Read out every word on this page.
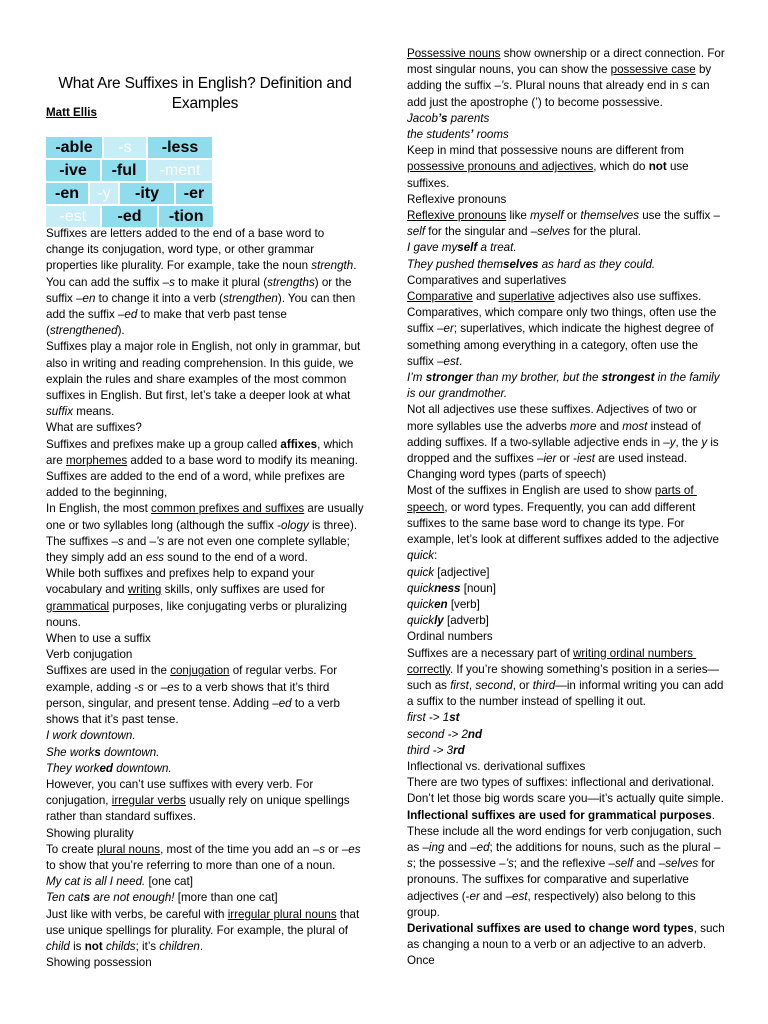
What Are Suffixes in English? Definition and Examples
Matt Ellis
-able	-s	-less
-ive	-ful	-ment
-en	-y	-ity	-er
-est	-ed	-tion

Suffixes are letters added to the end of a base word to change its conjugation, word type, or other grammar properties like plurality. For example, take the noun strength. You can add the suffix –s to make it plural (strengths) or the suffix –en to change it into a verb (strengthen). You can then add the suffix –ed to make that verb past tense (strengthened).

Suffixes play a major role in English, not only in grammar, but also in writing and reading comprehension. In this guide, we explain the rules and share examples of the most common suffixes in English. But first, let’s take a deeper look at what suffix means.

What are suffixes?

Suffixes and prefixes make up a group called affixes, which are morphemes added to a base word to modify its meaning. Suffixes are added to the end of a word, while prefixes are added to the beginning,

In English, the most common prefixes and suffixes are usually one or two syllables long (although the suffix -ology is three). The suffixes –s and –’s are not even one complete syllable; they simply add an ess sound to the end of a word.

While both suffixes and prefixes help to expand your vocabulary and writing skills, only suffixes are used for grammatical purposes, like conjugating verbs or pluralizing nouns.

When to use a suffix

Verb conjugation

Suffixes are used in the conjugation of regular verbs. For example, adding -s or –es to a verb shows that it’s third person, singular, and present tense. Adding –ed to a verb shows that it’s past tense.

I work downtown.

She works downtown.

They worked downtown.

However, you can’t use suffixes with every verb. For conjugation, irregular verbs usually rely on unique spellings rather than standard suffixes.

Showing plurality

To create plural nouns, most of the time you add an –s or –es to show that you’re referring to more than one of a noun.

My cat is all I need. [one cat]

Ten cats are not enough! [more than one cat]

Just like with verbs, be careful with irregular plural nouns that use unique spellings for plurality. For example, the plural of child is not childs; it’s children.

Showing possession

Possessive nouns show ownership or a direct connection. For most singular nouns, you can show the possessive case by adding the suffix –’s. Plural nouns that already end in s can add just the apostrophe (’) to become possessive.

Jacob’s parents

the students’ rooms

Keep in mind that possessive nouns are different from possessive pronouns and adjectives, which do not use suffixes.

Reflexive pronouns

Reflexive pronouns like myself or themselves use the suffix –self for the singular and –selves for the plural.

I gave myself a treat.

They pushed themselves as hard as they could.

Comparatives and superlatives

Comparative and superlative adjectives also use suffixes. Comparatives, which compare only two things, often use the suffix –er; superlatives, which indicate the highest degree of something among everything in a category, often use the suffix –est.

I’m stronger than my brother, but the strongest in the family is our grandmother.

Not all adjectives use these suffixes. Adjectives of two or more syllables use the adverbs more and most instead of adding suffixes. If a two-syllable adjective ends in –y, the y is dropped and the suffixes –ier or -iest are used instead.

Changing word types (parts of speech)

Most of the suffixes in English are used to show parts of speech, or word types. Frequently, you can add different suffixes to the same base word to change its type. For example, let’s look at different suffixes added to the adjective quick:

quick [adjective]

quickness [noun]

quicken [verb]

quickly [adverb]

Ordinal numbers

Suffixes are a necessary part of writing ordinal numbers correctly. If you’re showing something’s position in a series—such as first, second, or third—in informal writing you can add a suffix to the number instead of spelling it out.

first -> 1st

second -> 2nd

third -> 3rd

Inflectional vs. derivational suffixes

There are two types of suffixes: inflectional and derivational. Don’t let those big words scare you—it’s actually quite simple.

Inflectional suffixes are used for grammatical purposes. These include all the word endings for verb conjugation, such as –ing and –ed; the additions for nouns, such as the plural –s; the possessive –’s; and the reflexive –self and –selves for pronouns. The suffixes for comparative and superlative adjectives (-er and –est, respectively) also belong to this group.

Derivational suffixes are used to change word types, such as changing a noun to a verb or an adjective to an adverb. Once
